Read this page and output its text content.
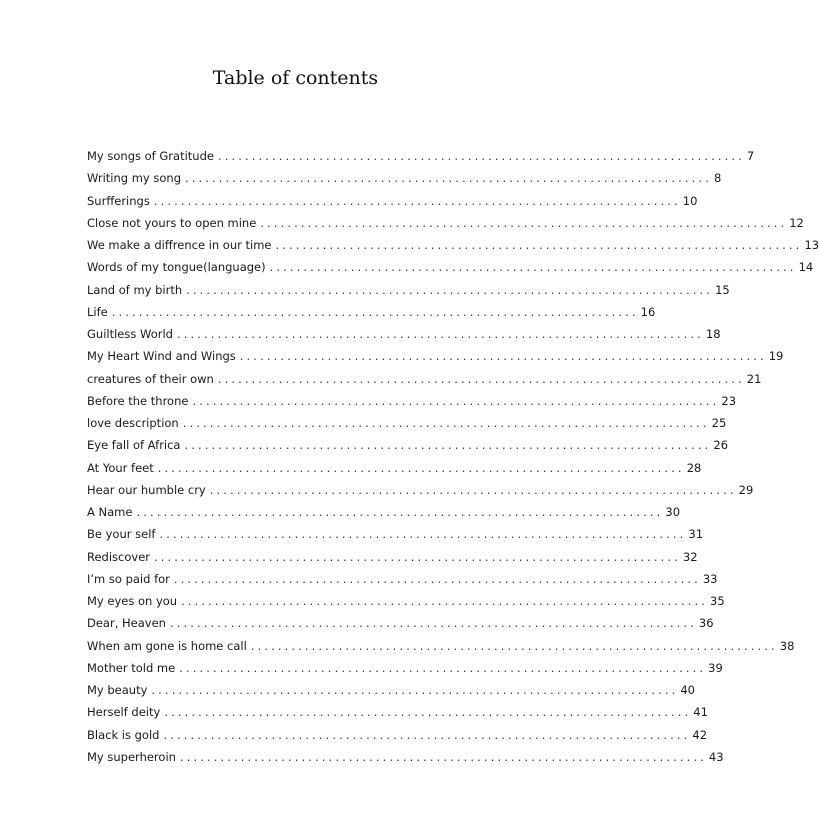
Table of contents
My songs of Gratitude .............................................................................. 7
Writing my song .............................................................................. 8
Surfferings .............................................................................. 10
Close not yours to open mine .............................................................................. 12
We make a diffrence in our time .............................................................................. 13
Words of my tongue(language) .............................................................................. 14
Land of my birth .............................................................................. 15
Life .............................................................................. 16
Guiltless World .............................................................................. 18
My Heart Wind and Wings .............................................................................. 19
creatures of their own .............................................................................. 21
Before the throne .............................................................................. 23
love description .............................................................................. 25
Eye fall of Africa .............................................................................. 26
At Your feet .............................................................................. 28
Hear our humble cry .............................................................................. 29
A Name .............................................................................. 30
Be your self .............................................................................. 31
Rediscover .............................................................................. 32
I’m so paid for .............................................................................. 33
My eyes on you .............................................................................. 35
Dear, Heaven .............................................................................. 36
When am gone is home call .............................................................................. 38
Mother told me .............................................................................. 39
My beauty .............................................................................. 40
Herself deity .............................................................................. 41
Black is gold .............................................................................. 42
My superheroin .............................................................................. 43
